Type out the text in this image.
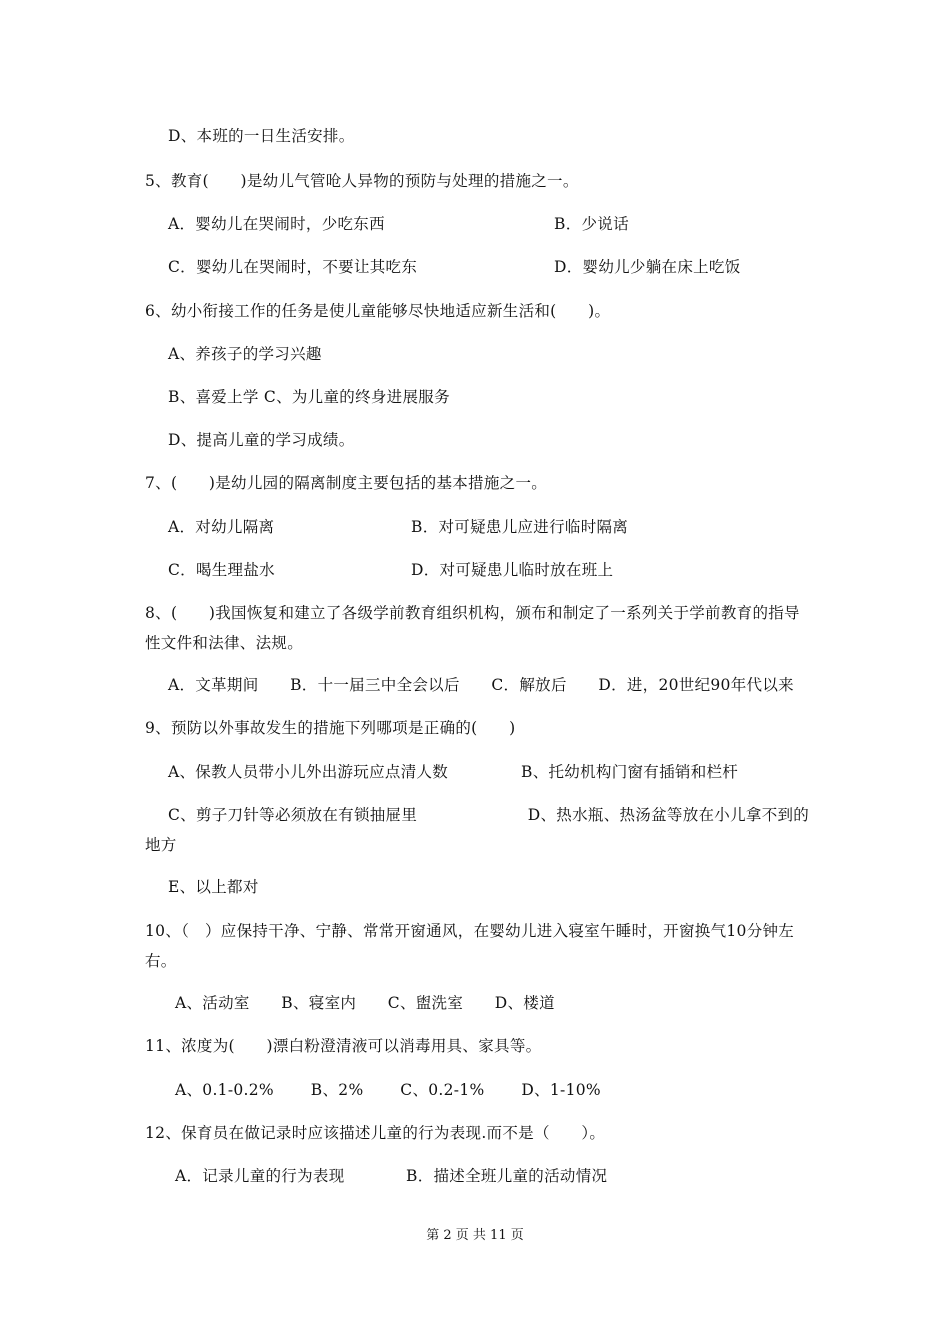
D、本班的一日生活安排。
5、教育(　　)是幼儿气管呛人异物的预防与处理的措施之一。
A．婴幼儿在哭闹时，少吃东西	B．少说话
C．婴幼儿在哭闹时，不要让其吃东	D．婴幼儿少躺在床上吃饭
6、幼小衔接工作的任务是使儿童能够尽快地适应新生活和(　　)。
A、养孩子的学习兴趣
B、喜爱上学 C、为儿童的终身进展服务
D、提高儿童的学习成绩。
7、(　　)是幼儿园的隔离制度主要包括的基本措施之一。
A．对幼儿隔离	B．对可疑患儿应进行临时隔离
C．喝生理盐水	D．对可疑患儿临时放在班上
8、(　　)我国恢复和建立了各级学前教育组织机构，颁布和制定了一系列关于学前教育的指导性文件和法律、法规。
A．文革期间　　B．十一届三中全会以后　　C．解放后　　D．进，20世纪90年代以来
9、预防以外事故发生的措施下列哪项是正确的(　　)
A、保教人员带小儿外出游玩应点清人数	B、托幼机构门窗有插销和栏杆
C、剪子刀针等必须放在有锁抽屉里　　　　　　　D、热水瓶、热汤盆等放在小儿拿不到的地方
E、以上都对
10、（　）应保持干净、宁静、常常开窗通风，在婴幼儿进入寝室午睡时，开窗换气10分钟左右。
A、活动室　　B、寝室内　　C、盥洗室　　D、楼道
11、浓度为(　　)漂白粉澄清液可以消毒用具、家具等。
A、0.1-0.2%　　 B、2%　　 C、0.2-1%　　 D、1-10%
12、保育员在做记录时应该描述儿童的行为表现.而不是（　　）。
A．记录儿童的行为表现	B．描述全班儿童的活动情况
第 2 页 共 11 页
